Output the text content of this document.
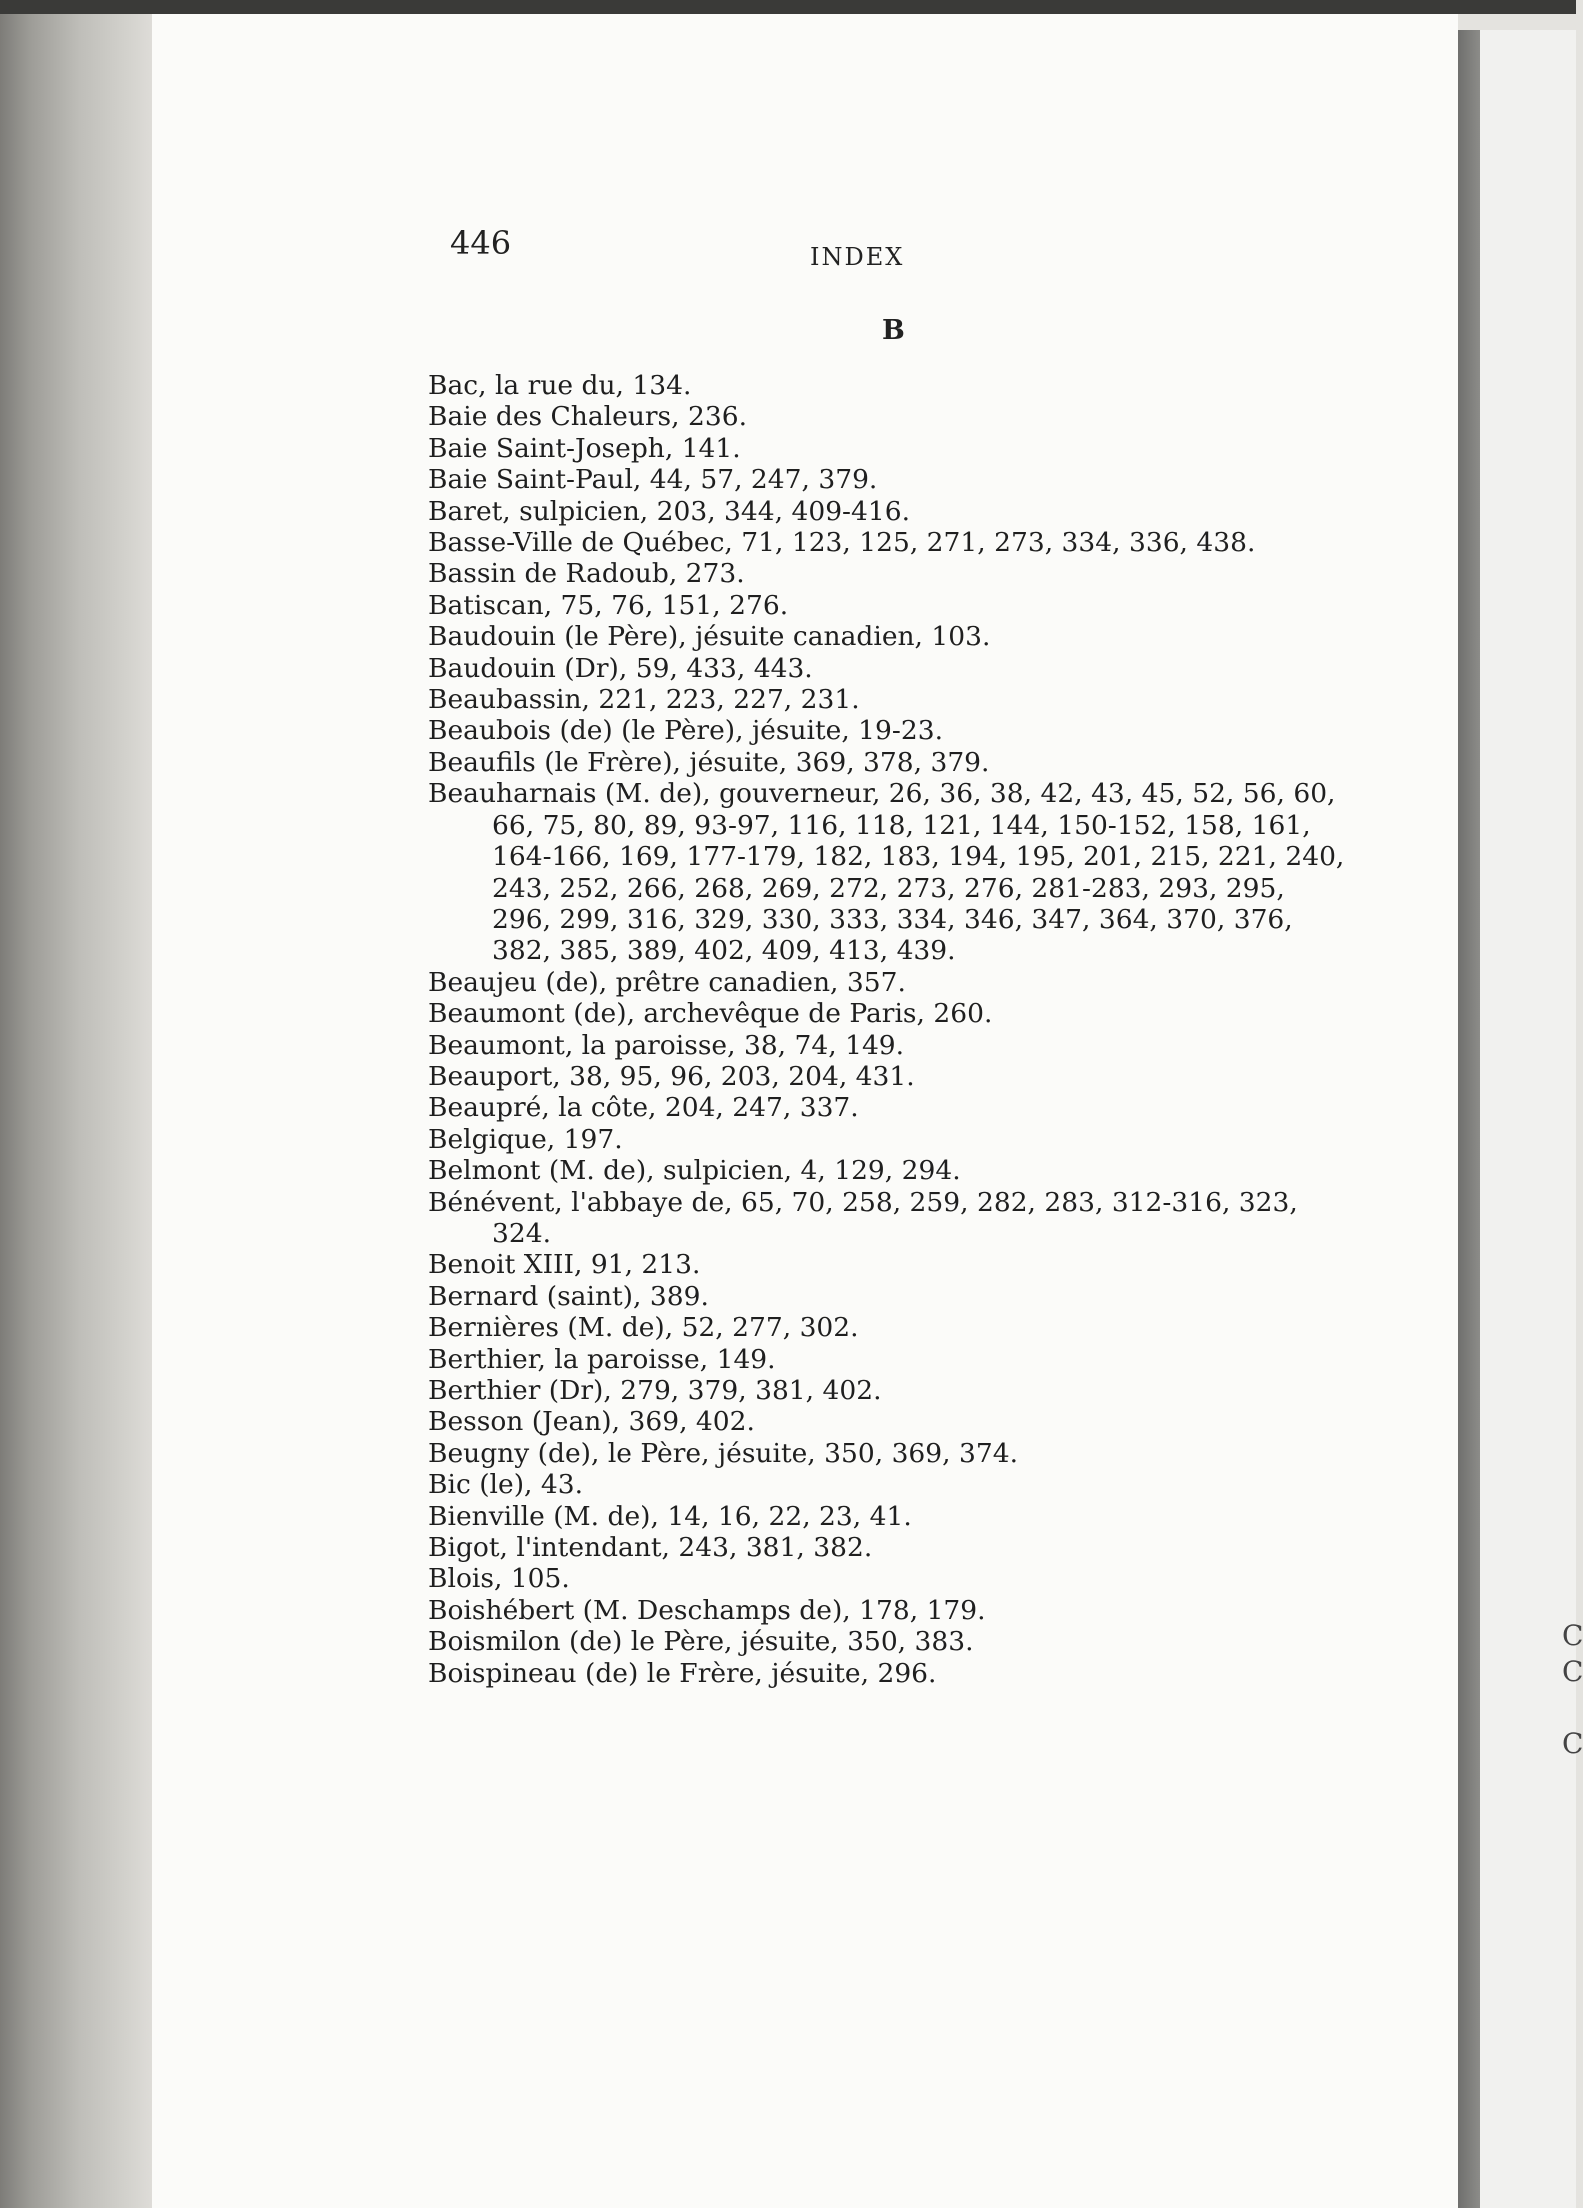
C
C
C

446	INDEX

B

Bac, la rue du, 134.
Baie des Chaleurs, 236.
Baie Saint-Joseph, 141.
Baie Saint-Paul, 44, 57, 247, 379.
Baret, sulpicien, 203, 344, 409-416.
Basse-Ville de Québec, 71, 123, 125, 271, 273, 334, 336, 438.
Bassin de Radoub, 273.
Batiscan, 75, 76, 151, 276.
Baudouin (le Père), jésuite canadien, 103.
Baudouin (Dr), 59, 433, 443.
Beaubassin, 221, 223, 227, 231.
Beaubois (de) (le Père), jésuite, 19-23.
Beaufils (le Frère), jésuite, 369, 378, 379.
Beauharnais (M. de), gouverneur, 26, 36, 38, 42, 43, 45, 52, 56, 60, 66, 75, 80, 89, 93-97, 116, 118, 121, 144, 150-152, 158, 161, 164-166, 169, 177-179, 182, 183, 194, 195, 201, 215, 221, 240, 243, 252, 266, 268, 269, 272, 273, 276, 281-283, 293, 295, 296, 299, 316, 329, 330, 333, 334, 346, 347, 364, 370, 376, 382, 385, 389, 402, 409, 413, 439.
Beaujeu (de), prêtre canadien, 357.
Beaumont (de), archevêque de Paris, 260.
Beaumont, la paroisse, 38, 74, 149.
Beauport, 38, 95, 96, 203, 204, 431.
Beaupré, la côte, 204, 247, 337.
Belgique, 197.
Belmont (M. de), sulpicien, 4, 129, 294.
Bénévent, l'abbaye de, 65, 70, 258, 259, 282, 283, 312-316, 323, 324.
Benoit XIII, 91, 213.
Bernard (saint), 389.
Bernières (M. de), 52, 277, 302.
Berthier, la paroisse, 149.
Berthier (Dr), 279, 379, 381, 402.
Besson (Jean), 369, 402.
Beugny (de), le Père, jésuite, 350, 369, 374.
Bic (le), 43.
Bienville (M. de), 14, 16, 22, 23, 41.
Bigot, l'intendant, 243, 381, 382.
Blois, 105.
Boishébert (M. Deschamps de), 178, 179.
Boismilon (de) le Père, jésuite, 350, 383.
Boispineau (de) le Frère, jésuite, 296.
